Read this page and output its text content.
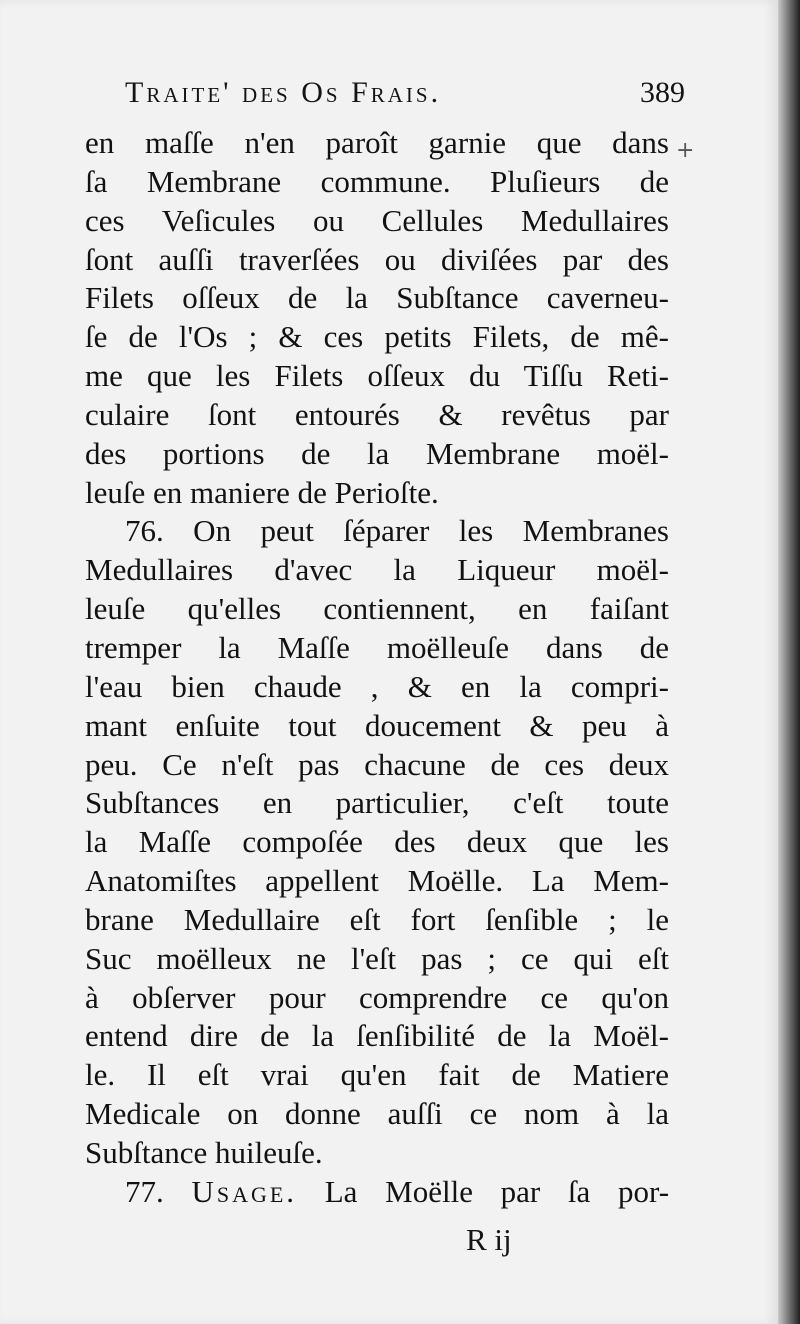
Traite' des Os Frais.	389
+
en maſſe n'en paroît garnie que dans
ſa Membrane commune. Pluſieurs de
ces Veſicules ou Cellules Medullaires
ſont auſſi traverſées ou diviſées par des
Filets oſſeux de la Subſtance caverneu-
ſe de l'Os ; & ces petits Filets, de mê-
me que les Filets oſſeux du Tiſſu Reti-
culaire ſont entourés & revêtus par
des portions de la Membrane moël-
leuſe en maniere de Perioſte.
76. On peut ſéparer les Membranes
Medullaires d'avec la Liqueur moël-
leuſe qu'elles contiennent, en faiſant
tremper la Maſſe moëlleuſe dans de
l'eau bien chaude , & en la compri-
mant enſuite tout doucement & peu à
peu. Ce n'eſt pas chacune de ces deux
Subſtances en particulier, c'eſt toute
la Maſſe compoſée des deux que les
Anatomiſtes appellent Moëlle. La Mem-
brane Medullaire eſt fort ſenſible ; le
Suc moëlleux ne l'eſt pas ; ce qui eſt
à obſerver pour comprendre ce qu'on
entend dire de la ſenſibilité de la Moël-
le. Il eſt vrai qu'en fait de Matiere
Medicale on donne auſſi ce nom à la
Subſtance huileuſe.
77. Usage. La Moëlle par ſa por-
R ij
